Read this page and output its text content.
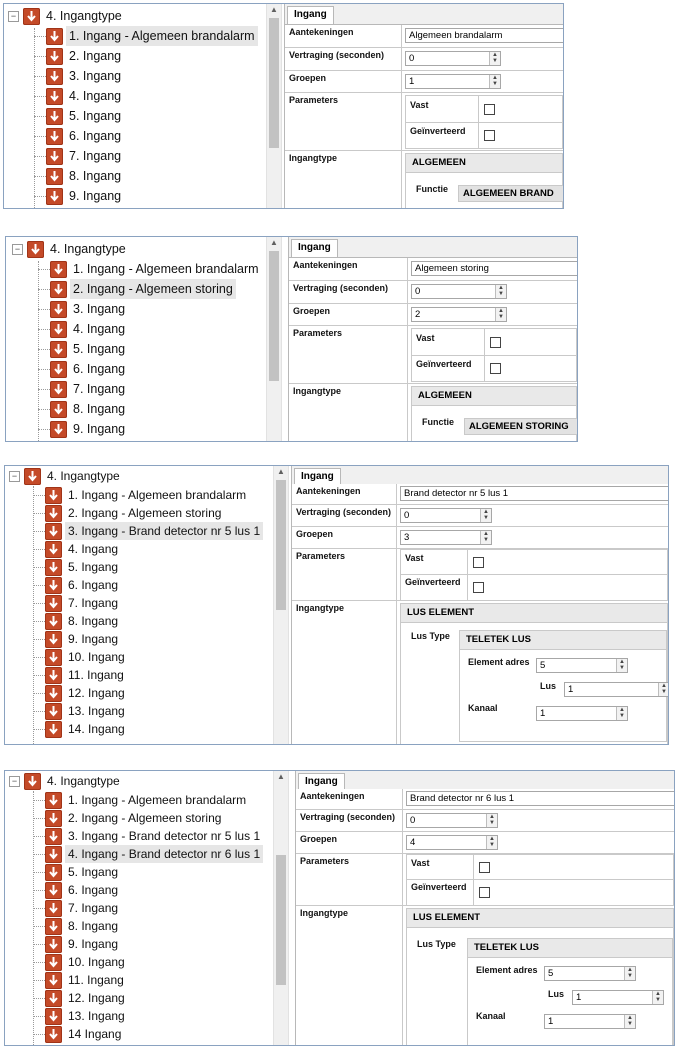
− 4. Ingangtype
1. Ingang - Algemeen brandalarm
2. Ingang
3. Ingang
4. Ingang
5. Ingang
6. Ingang
7. Ingang
8. Ingang
9. Ingang
▲	Ingang
Aantekeningen	Algemeen brandalarm
Vertraging (seconden)	0	▲
▼
Groepen	1	▲
▼
Parameters	Vast
Geïnverteerd
Ingangtype	ALGEMEEN
Functie	ALGEMEEN BRAND
− 4. Ingangtype
1. Ingang - Algemeen brandalarm
2. Ingang - Algemeen storing
3. Ingang
4. Ingang
5. Ingang
6. Ingang
7. Ingang
8. Ingang
9. Ingang
▲	Ingang
Aantekeningen	Algemeen storing
Vertraging (seconden)	0	▲
▼
Groepen	2	▲
▼
Parameters	Vast
Geïnverteerd
Ingangtype	ALGEMEEN
Functie	ALGEMEEN STORING
− 4. Ingangtype
1. Ingang - Algemeen brandalarm
2. Ingang - Algemeen storing
3. Ingang - Brand detector nr 5 lus 1
4. Ingang
5. Ingang
6. Ingang
7. Ingang
8. Ingang
9. Ingang
10. Ingang
11. Ingang
12. Ingang
13. Ingang
14. Ingang
▲	Ingang
Aantekeningen	Brand detector nr 5 lus 1
Vertraging (seconden)	0	▲
▼
Groepen	3	▲
▼
Parameters	Vast
Geïnverteerd
Ingangtype	LUS ELEMENT
Lus Type	TELETEK LUS
Element adres	5	▲
▼
Lus	1	▲
▼
Kanaal	1	▲
▼
− 4. Ingangtype
1. Ingang - Algemeen brandalarm
2. Ingang - Algemeen storing
3. Ingang - Brand detector nr 5 lus 1
4. Ingang - Brand detector nr 6 lus 1
5. Ingang
6. Ingang
7. Ingang
8. Ingang
9. Ingang
10. Ingang
11. Ingang
12. Ingang
13. Ingang
14 Ingang
▲	Ingang
Aantekeningen	Brand detector nr 6 lus 1
Vertraging (seconden)	0	▲
▼
Groepen	4	▲
▼
Parameters	Vast
Geïnverteerd
Ingangtype	LUS ELEMENT
Lus Type	TELETEK LUS
Element adres	5	▲
▼
Lus	1	▲
▼
Kanaal	1	▲
▼
